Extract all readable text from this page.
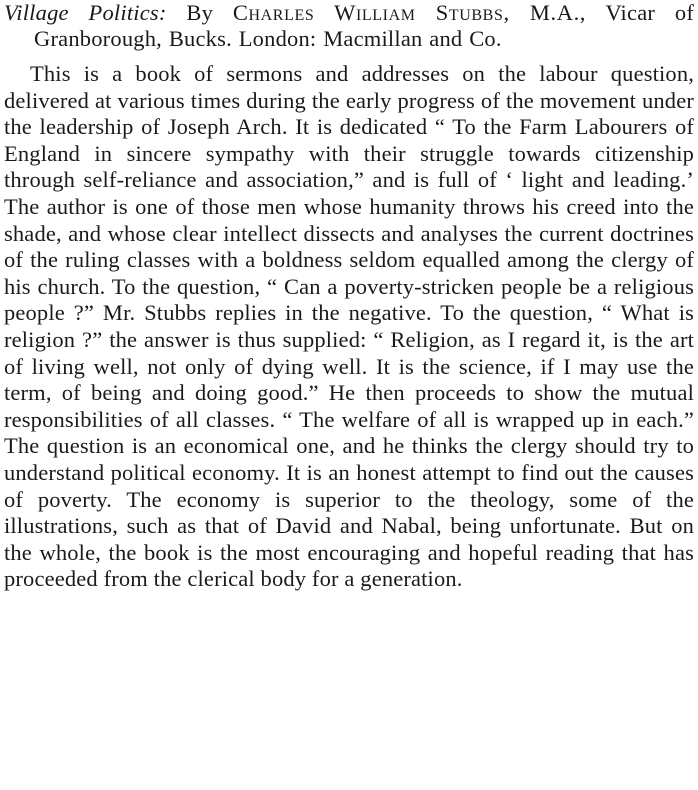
Village Politics: By Charles William Stubbs, M.A., Vicar of Granborough, Bucks. London: Macmillan and Co.

This is a book of sermons and addresses on the labour question, delivered at various times during the early progress of the movement under the leadership of Joseph Arch. It is dedicated “ To the Farm Labourers of England in sincere sympathy with their struggle towards citizenship through self-reliance and association,” and is full of ‘ light and leading.’ The author is one of those men whose humanity throws his creed into the shade, and whose clear intellect dissects and analyses the current doctrines of the ruling classes with a boldness seldom equalled among the clergy of his church. To the question, “ Can a poverty-stricken people be a religious people ?” Mr. Stubbs replies in the negative. To the question, “ What is religion ?” the answer is thus supplied: “ Religion, as I regard it, is the art of living well, not only of dying well. It is the science, if I may use the term, of being and doing good.” He then proceeds to show the mutual responsibilities of all classes. “ The welfare of all is wrapped up in each.” The question is an economical one, and he thinks the clergy should try to understand political economy. It is an honest attempt to find out the causes of poverty. The economy is superior to the theology, some of the illustrations, such as that of David and Nabal, being unfortunate. But on the whole, the book is the most encouraging and hopeful reading that has proceeded from the clerical body for a generation.
